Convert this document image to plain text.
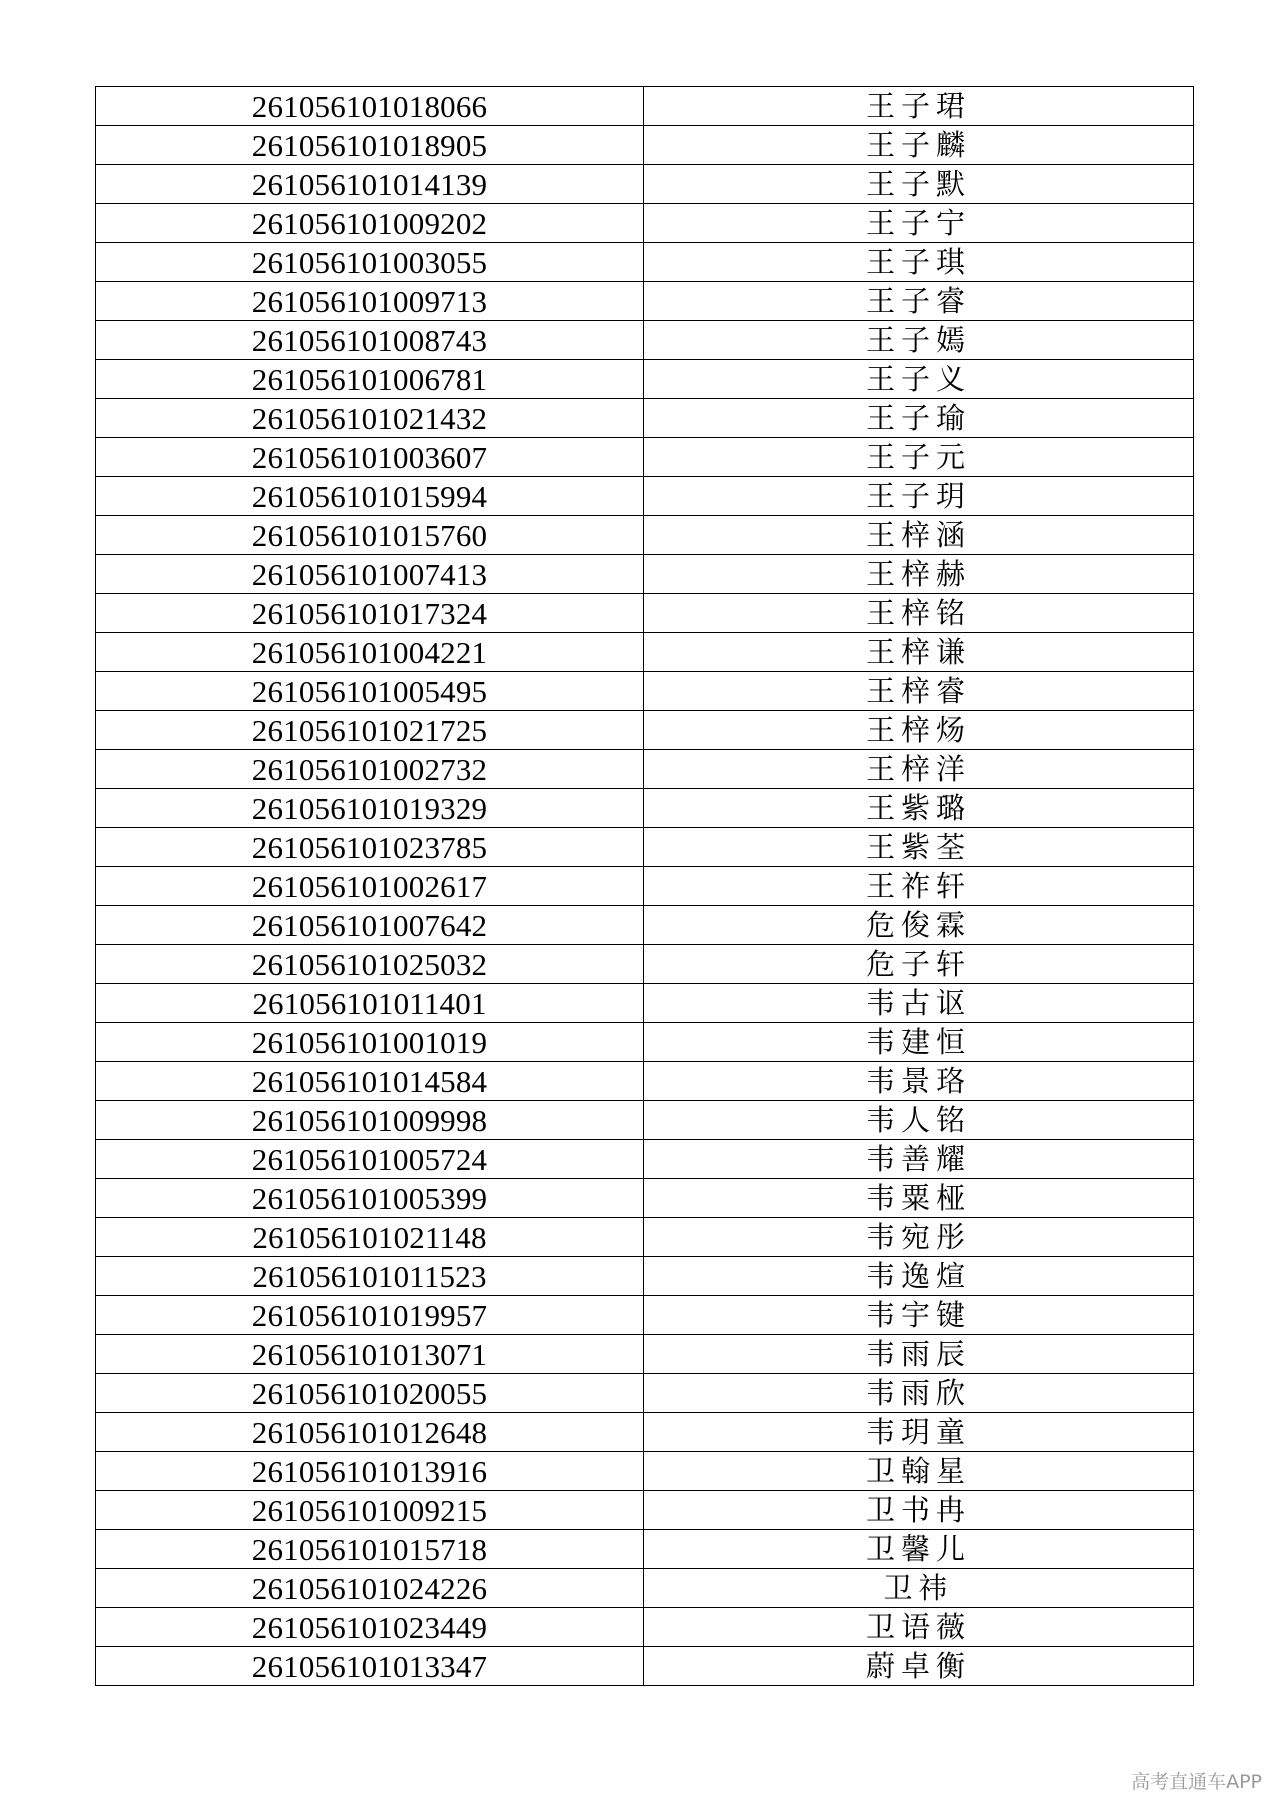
261056101018066	王子珺
261056101018905	王子麟
261056101014139	王子默
261056101009202	王子宁
261056101003055	王子琪
261056101009713	王子睿
261056101008743	王子嫣
261056101006781	王子义
261056101021432	王子瑜
261056101003607	王子元
261056101015994	王子玥
261056101015760	王梓涵
261056101007413	王梓赫
261056101017324	王梓铭
261056101004221	王梓谦
261056101005495	王梓睿
261056101021725	王梓炀
261056101002732	王梓洋
261056101019329	王紫璐
261056101023785	王紫荃
261056101002617	王祚轩
261056101007642	危俊霖
261056101025032	危子轩
261056101011401	韦古讴
261056101001019	韦建恒
261056101014584	韦景珞
261056101009998	韦人铭
261056101005724	韦善耀
261056101005399	韦粟桠
261056101021148	韦宛彤
261056101011523	韦逸煊
261056101019957	韦宇键
261056101013071	韦雨辰
261056101020055	韦雨欣
261056101012648	韦玥童
261056101013916	卫翰星
261056101009215	卫书冉
261056101015718	卫馨儿
261056101024226	卫祎
261056101023449	卫语薇
261056101013347	蔚卓衡
高考直通车APP
